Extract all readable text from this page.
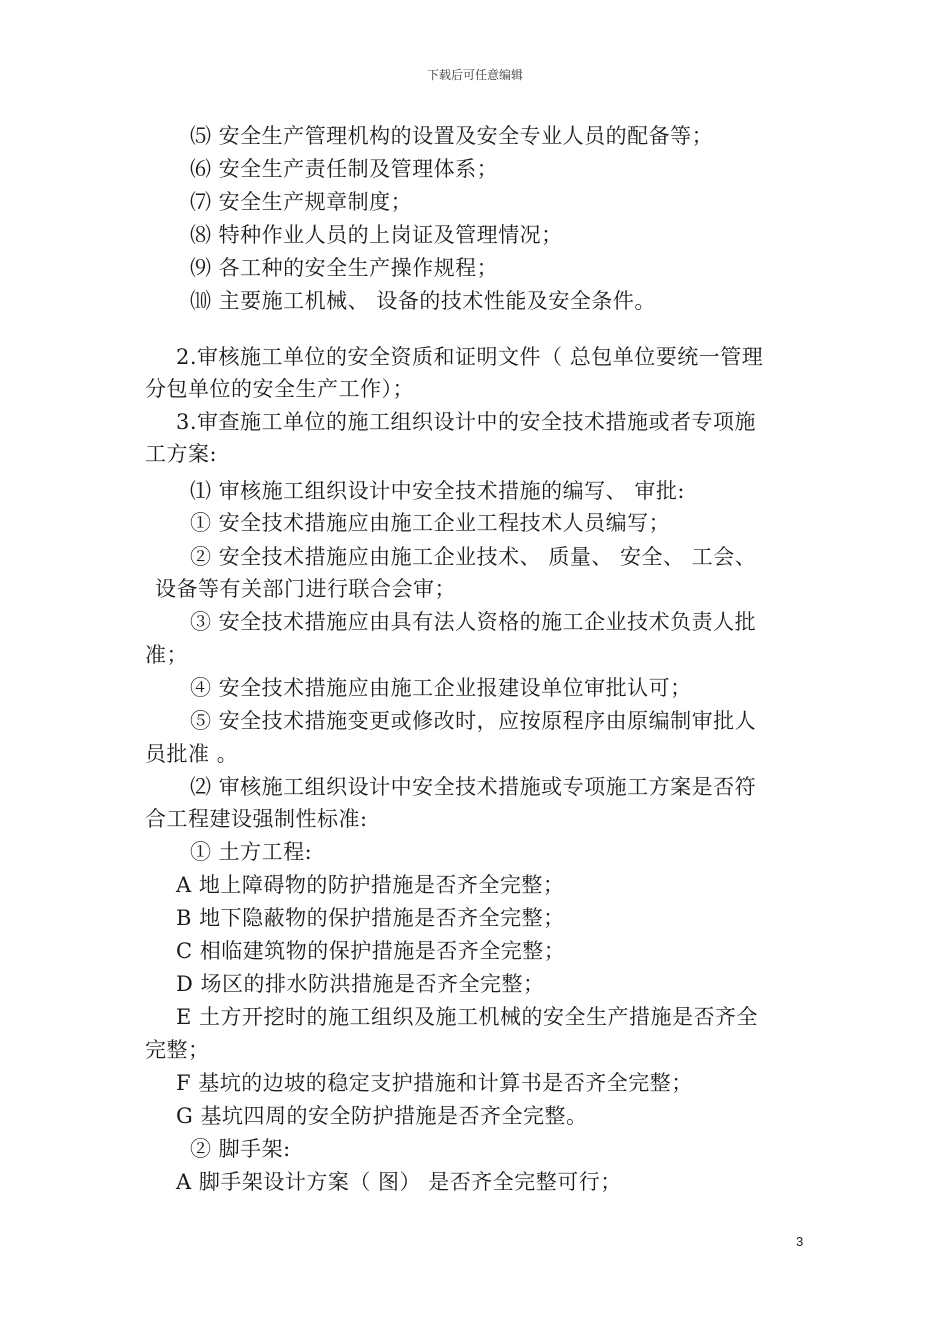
下载后可任意编辑
⑸ 安全生产管理机构的设置及安全专业人员的配备等；
⑹ 安全生产责任制及管理体系；
⑺ 安全生产规章制度；
⑻ 特种作业人员的上岗证及管理情况；
⑼ 各工种的安全生产操作规程；
⑽ 主要施工机械、 设备的技术性能及安全条件。
2.审核施工单位的安全资质和证明文件（ 总包单位要统一管理
分包单位的安全生产工作）；
3.审查施工单位的施工组织设计中的安全技术措施或者专项施
工方案:
⑴ 审核施工组织设计中安全技术措施的编写、 审批:
① 安全技术措施应由施工企业工程技术人员编写；
② 安全技术措施应由施工企业技术、 质量、 安全、 工会、
设备等有关部门进行联合会审；
③ 安全技术措施应由具有法人资格的施工企业技术负责人批
准；
④ 安全技术措施应由施工企业报建设单位审批认可；
⑤ 安全技术措施变更或修改时，应按原程序由原编制审批人
员批准 。
⑵ 审核施工组织设计中安全技术措施或专项施工方案是否符
合工程建设强制性标准:
① 土方工程:
A 地上障碍物的防护措施是否齐全完整；
B 地下隐蔽物的保护措施是否齐全完整；
C 相临建筑物的保护措施是否齐全完整；
D 场区的排水防洪措施是否齐全完整；
E 土方开挖时的施工组织及施工机械的安全生产措施是否齐全
完整；
F 基坑的边坡的稳定支护措施和计算书是否齐全完整；
G 基坑四周的安全防护措施是否齐全完整。
② 脚手架:
A 脚手架设计方案（ 图） 是否齐全完整可行；
3
